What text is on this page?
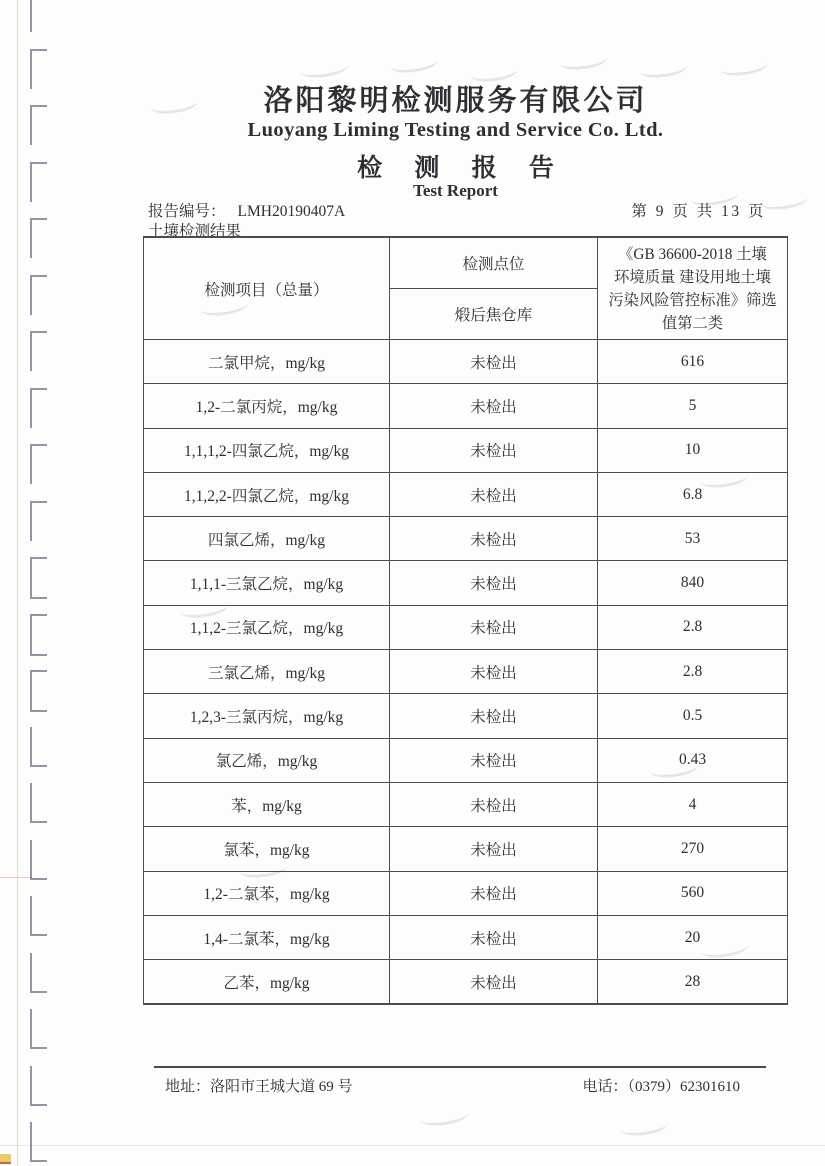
洛阳黎明检测服务有限公司
Luoyang Liming Testing and Service Co. Ltd.
检 测 报 告
Test Report
报告编号： LMH20190407A	第 9 页 共 13 页
土壤检测结果
检测项目（总量）	检测点位	《GB 36600-2018 土壤
环境质量 建设用地土壤
污染风险管控标准》筛选
值第二类

	煅后焦仓库	
二氯甲烷，mg/kg	未检出	616
1,2-二氯丙烷，mg/kg	未检出	5
1,1,1,2-四氯乙烷，mg/kg	未检出	10
1,1,2,2-四氯乙烷，mg/kg	未检出	6.8
四氯乙烯，mg/kg	未检出	53
1,1,1-三氯乙烷，mg/kg	未检出	840
1,1,2-三氯乙烷，mg/kg	未检出	2.8
三氯乙烯，mg/kg	未检出	2.8
1,2,3-三氯丙烷，mg/kg	未检出	0.5
氯乙烯，mg/kg	未检出	0.43
苯，mg/kg	未检出	4
氯苯，mg/kg	未检出	270
1,2-二氯苯，mg/kg	未检出	560
1,4-二氯苯，mg/kg	未检出	20
乙苯，mg/kg	未检出	28
地址：洛阳市王城大道 69 号	电话：（0379）62301610
